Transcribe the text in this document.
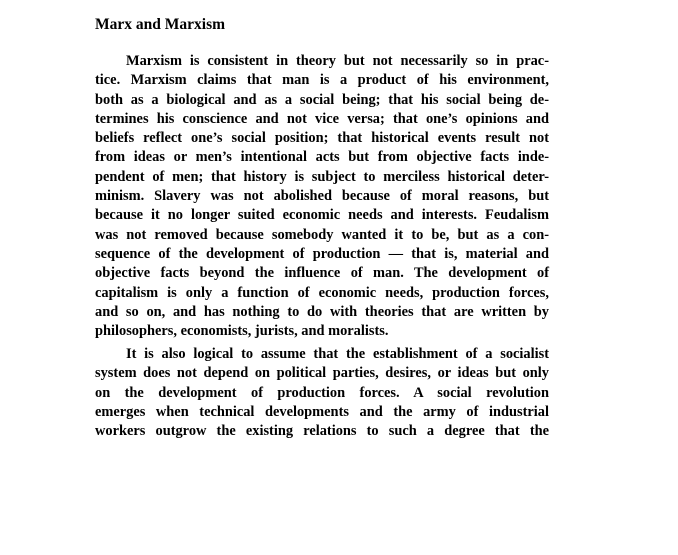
Marx and Marxism
Marxism is consistent in theory but not necessarily so in prac-
tice. Marxism claims that man is a product of his environment,
both as a biological and as a social being; that his social being de-
termines his conscience and not vice versa; that one’s opinions and
beliefs reflect one’s social position; that historical events result not
from ideas or men’s intentional acts but from objective facts inde-
pendent of men; that history is subject to merciless historical deter-
minism. Slavery was not abolished because of moral reasons, but
because it no longer suited economic needs and interests. Feudalism
was not removed because somebody wanted it to be, but as a con-
sequence of the development of production — that is, material and
objective facts beyond the influence of man. The development of
capitalism is only a function of economic needs, production forces,
and so on, and has nothing to do with theories that are written by
philosophers, economists, jurists, and moralists.
It is also logical to assume that the establishment of a socialist
system does not depend on political parties, desires, or ideas but only
on the development of production forces. A social revolution
emerges when technical developments and the army of industrial
workers outgrow the existing relations to such a degree that the
